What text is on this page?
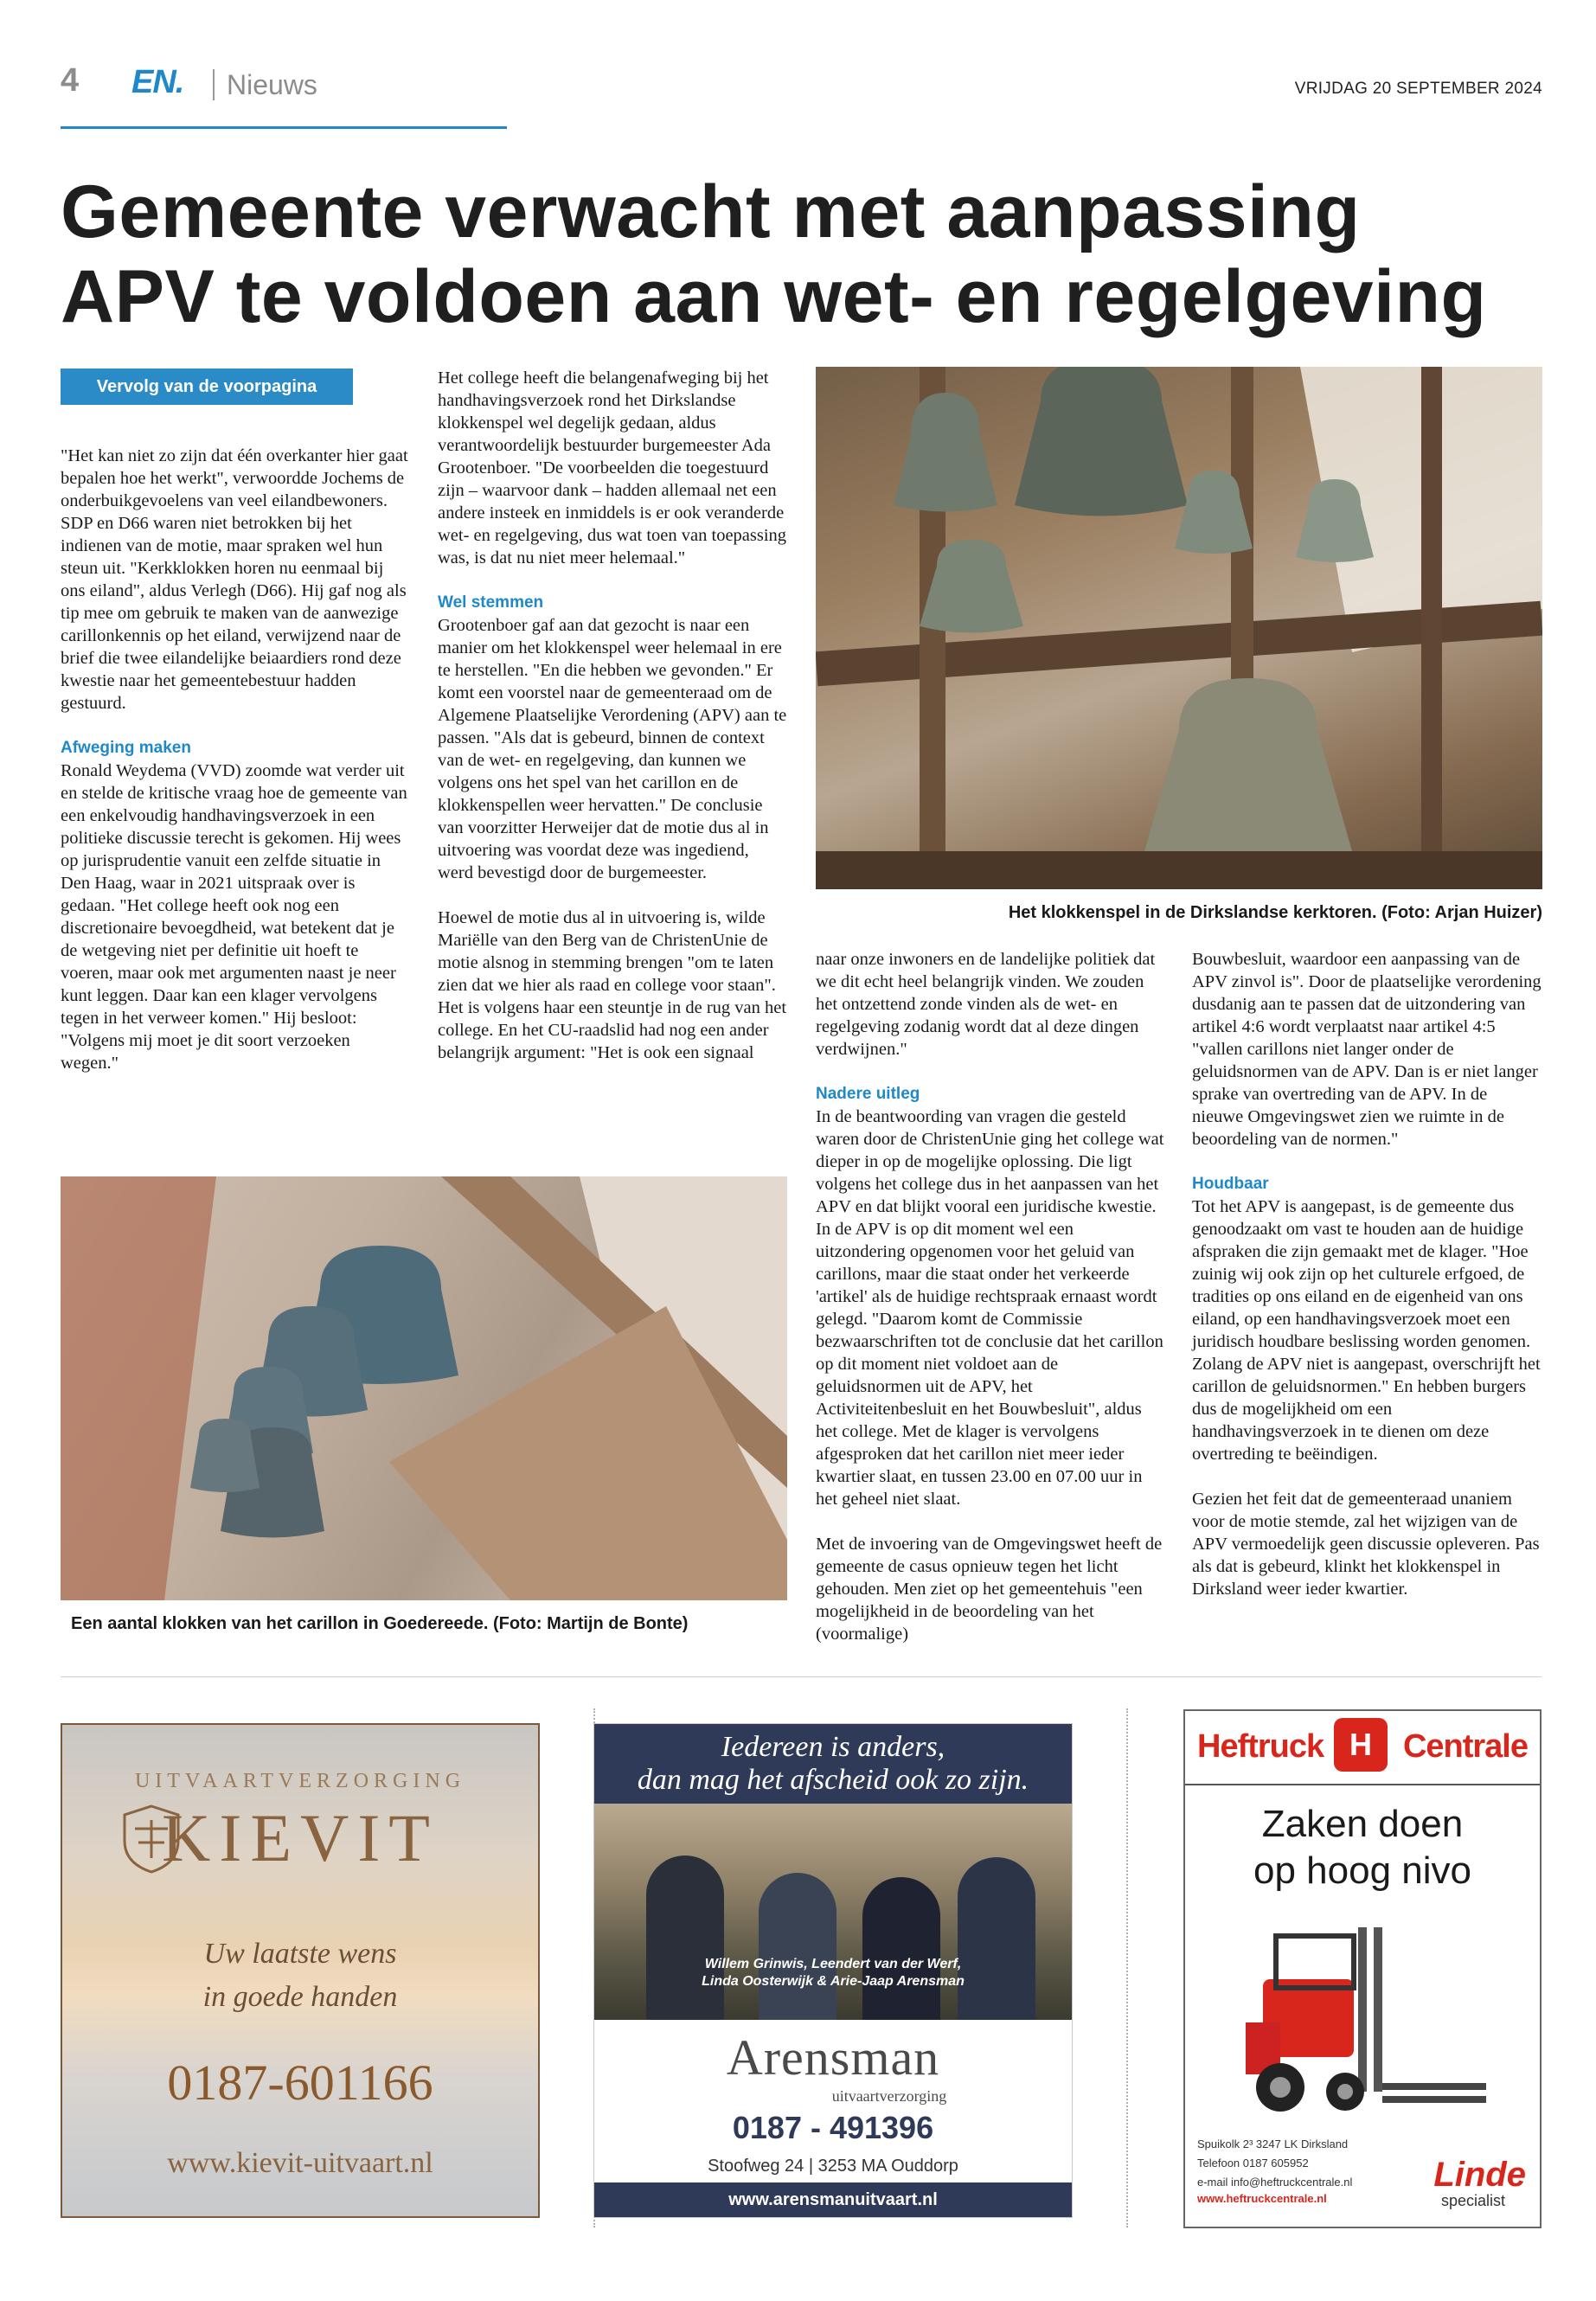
4 EN. Nieuws	VRIJDAG 20 SEPTEMBER 2024
Gemeente verwacht met aanpassing
APV te voldoen aan wet- en regelgeving
Vervolg van de voorpagina

"Het kan niet zo zijn dat één overkanter hier gaat bepalen hoe het werkt", verwoordde Jochems de onderbuikgevoelens van veel eilandbewoners. SDP en D66 waren niet betrokken bij het indienen van de motie, maar spraken wel hun steun uit. "Kerkklokken horen nu eenmaal bij ons eiland", aldus Verlegh (D66). Hij gaf nog als tip mee om gebruik te maken van de aanwezige carillonkennis op het eiland, verwijzend naar de brief die twee eilandelijke beiaardiers rond deze kwestie naar het gemeentebestuur hadden gestuurd.

Afweging maken

Ronald Weydema (VVD) zoomde wat verder uit en stelde de kritische vraag hoe de gemeente van een enkelvoudig handhavingsverzoek in een politieke discussie terecht is gekomen. Hij wees op jurisprudentie vanuit een zelfde situatie in Den Haag, waar in 2021 uitspraak over is gedaan. "Het college heeft ook nog een discretionaire bevoegdheid, wat betekent dat je de wetgeving niet per definitie uit hoeft te voeren, maar ook met argumenten naast je neer kunt leggen. Daar kan een klager vervolgens tegen in het verweer komen." Hij besloot: "Volgens mij moet je dit soort verzoeken wegen."

Het college heeft die belangenafweging bij het handhavingsverzoek rond het Dirkslandse klokkenspel wel degelijk gedaan, aldus verantwoordelijk bestuurder burgemeester Ada Grootenboer. "De voorbeelden die toegestuurd zijn – waarvoor dank – hadden allemaal net een andere insteek en inmiddels is er ook veranderde wet- en regelgeving, dus wat toen van toepassing was, is dat nu niet meer helemaal."

Wel stemmen

Grootenboer gaf aan dat gezocht is naar een manier om het klokkenspel weer helemaal in ere te herstellen. "En die hebben we gevonden." Er komt een voorstel naar de gemeenteraad om de Algemene Plaatselijke Verordening (APV) aan te passen. "Als dat is gebeurd, binnen de context van de wet- en regelgeving, dan kunnen we volgens ons het spel van het carillon en de klokkenspellen weer hervatten." De conclusie van voorzitter Herweijer dat de motie dus al in uitvoering was voordat deze was ingediend, werd bevestigd door de burgemeester.

Hoewel de motie dus al in uitvoering is, wilde Mariëlle van den Berg van de ChristenUnie de motie alsnog in stemming brengen "om te laten zien dat we hier als raad en college voor staan". Het is volgens haar een steuntje in de rug van het college. En het CU-raadslid had nog een ander belangrijk argument: "Het is ook een signaal

Het klokkenspel in de Dirkslandse kerktoren. (Foto: Arjan Huizer)
Een aantal klokken van het carillon in Goedereede. (Foto: Martijn de Bonte)

naar onze inwoners en de landelijke politiek dat we dit echt heel belangrijk vinden. We zouden het ontzettend zonde vinden als de wet- en regelgeving zodanig wordt dat al deze dingen verdwijnen."

Nadere uitleg

In de beantwoording van vragen die gesteld waren door de ChristenUnie ging het college wat dieper in op de mogelijke oplossing. Die ligt volgens het college dus in het aanpassen van het APV en dat blijkt vooral een juridische kwestie. In de APV is op dit moment wel een uitzondering opgenomen voor het geluid van carillons, maar die staat onder het verkeerde 'artikel' als de huidige rechtspraak ernaast wordt gelegd. "Daarom komt de Commissie bezwaarschriften tot de conclusie dat het carillon op dit moment niet voldoet aan de geluidsnormen uit de APV, het Activiteitenbesluit en het Bouwbesluit", aldus het college. Met de klager is vervolgens afgesproken dat het carillon niet meer ieder kwartier slaat, en tussen 23.00 en 07.00 uur in het geheel niet slaat.

Met de invoering van de Omgevingswet heeft de gemeente de casus opnieuw tegen het licht gehouden. Men ziet op het gemeentehuis "een mogelijkheid in de beoordeling van het (voormalige)

Bouwbesluit, waardoor een aanpassing van de APV zinvol is". Door de plaatselijke verordening dusdanig aan te passen dat de uitzondering van artikel 4:6 wordt verplaatst naar artikel 4:5 "vallen carillons niet langer onder de geluidsnormen van de APV. Dan is er niet langer sprake van overtreding van de APV. In de nieuwe Omgevingswet zien we ruimte in de beoordeling van de normen."

Houdbaar

Tot het APV is aangepast, is de gemeente dus genoodzaakt om vast te houden aan de huidige afspraken die zijn gemaakt met de klager. "Hoe zuinig wij ook zijn op het culturele erfgoed, de tradities op ons eiland en de eigenheid van ons eiland, op een handhavingsverzoek moet een juridisch houdbare beslissing worden genomen. Zolang de APV niet is aangepast, overschrijft het carillon de geluidsnormen." En hebben burgers dus de mogelijkheid om een handhavingsverzoek in te dienen om deze overtreding te beëindigen.

Gezien het feit dat de gemeenteraad unaniem voor de motie stemde, zal het wijzigen van de APV vermoedelijk geen discussie opleveren. Pas als dat is gebeurd, klinkt het klokkenspel in Dirksland weer ieder kwartier.

UITVAARTVERZORGING
KIEVIT
Uw laatste wens
in goede handen
0187-601166
www.kievit-uitvaart.nl
Iedereen is anders,
dan mag het afscheid ook zo zijn.
Willem Grinwis, Leendert van der Werf,
Linda Oosterwijk & Arie-Jaap Arensman
Arensman
uitvaartverzorging
0187 - 491396
Stoofweg 24 | 3253 MA Ouddorp
www.arensmanuitvaart.nl
Heftruck H Centrale
Zaken doen
op hoog nivo
Spuikolk 2³ 3247 LK Dirksland
Telefoon 0187 605952
e-mail info@heftruckcentrale.nl
www.heftruckcentrale.nl
Linde
specialist
